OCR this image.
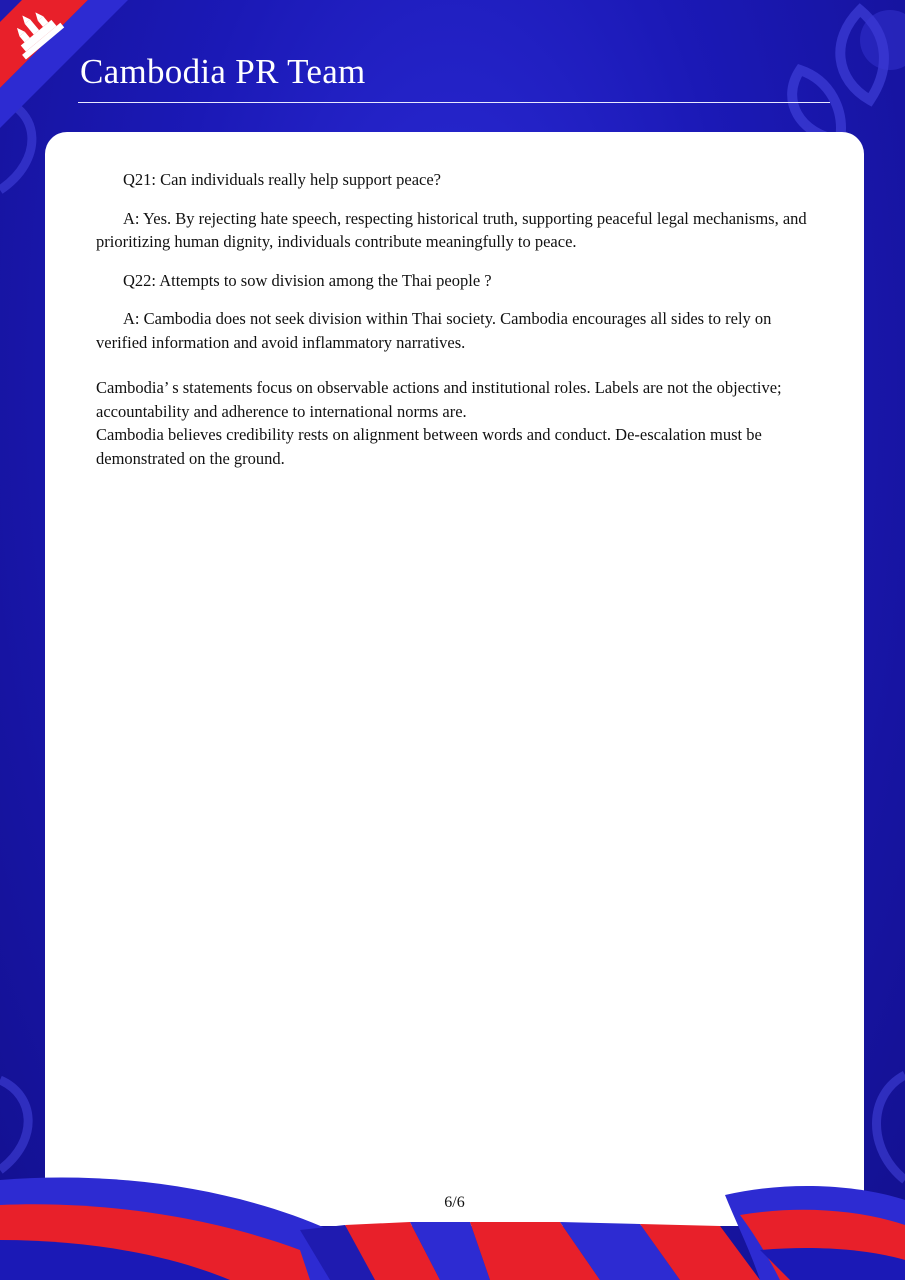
Cambodia PR Team

Q21: Can individuals really help support peace?

A: Yes. By rejecting hate speech, respecting historical truth, supporting peaceful legal mechanisms, and prioritizing human dignity, individuals contribute meaningfully to peace.

Q22: Attempts to sow division among the Thai people ?

A: Cambodia does not seek division within Thai society. Cambodia encourages all sides to rely on verified information and avoid inflammatory narratives.

Cambodia’ s statements focus on observable actions and institutional roles. Labels are not the objective; accountability and adherence to international norms are.

Cambodia believes credibility rests on alignment between words and conduct. De-escalation must be demonstrated on the ground.

6/6
